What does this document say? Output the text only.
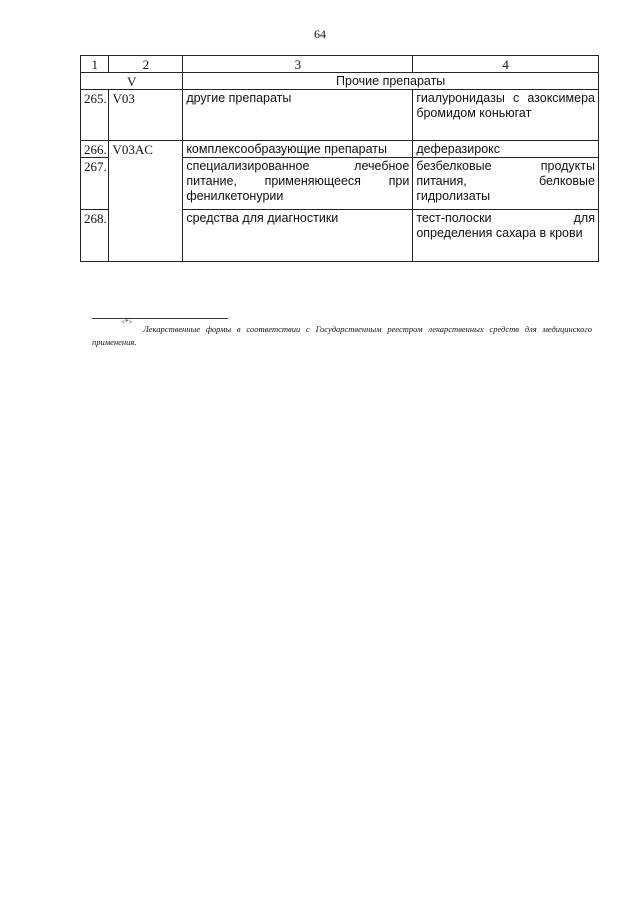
64
1	2	3	4
V		Прочие препараты	
265.	V03	другие препараты	гиалуронидазы с азоксимера бромидом коньюгат
266.	V03AC	комплексообразующие препараты	деферазирокс
267.		специализированное лечебное питание, применяющееся при фенилкетонурии	безбелковые продукты питания, белковые гидролизаты
268.		средства для диагностики	тест-полоски для определения сахара в крови
<*>
Лекарственные формы в соответствии с Государственным реестром лекарственных средств для медицинского применения.
